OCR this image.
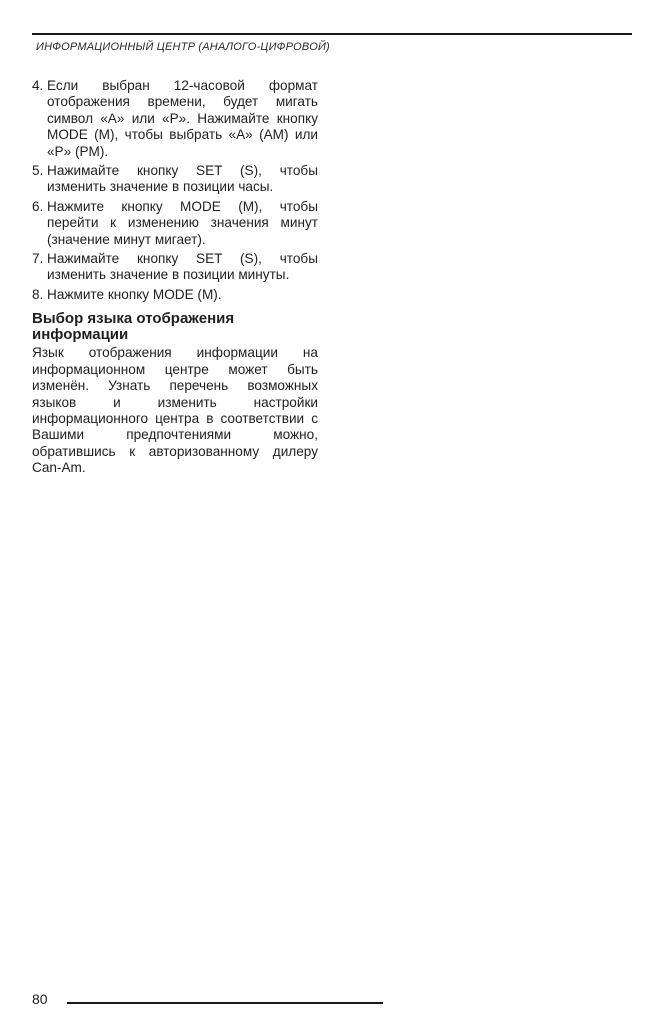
ИНФОРМАЦИОННЫЙ ЦЕНТР (АНАЛОГО-ЦИФРОВОЙ)
4. Если выбран 12-часовой формат отображения времени, будет мигать символ «A» или «P». Нажимайте кнопку MODE (M), чтобы выбрать «A» (AM) или «P» (PM).
5. Нажимайте кнопку SET (S), чтобы изменить значение в позиции часы.
6. Нажмите кнопку MODE (M), чтобы перейти к изменению значения минут (значение минут мигает).
7. Нажимайте кнопку SET (S), чтобы изменить значение в позиции минуты.
8. Нажмите кнопку MODE (M).
Выбор языка отображения информации

Язык отображения информации на информационном центре может быть изменён. Узнать перечень возможных языков и изменить настройки информационного центра в соответствии с Вашими предпочтениями можно, обратившись к авторизованному дилеру Can-Am.

80
